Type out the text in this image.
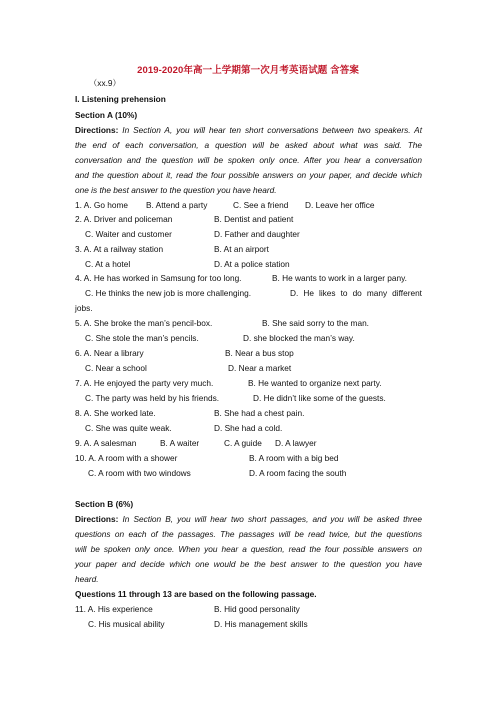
2019-2020年高一上学期第一次月考英语试题 含答案
（xx.9）
I. Listening prehension
Section A (10%)
Directions: In Section A, you will hear ten short conversations between two speakers. At
the end of each conversation, a question will be asked about what was said. The
conversation and the question will be spoken only once. After you hear a conversation
and the question about it, read the four possible answers on your paper, and decide which
one is the best answer to the question you have heard.
1. A. Go home B. Attend a party	C. See a friend D. Leave her office
2. A. Driver and policeman	B. Dentist and patient
C. Waiter and customer	D. Father and daughter
3. A. At a railway station	B. At an airport
C. At a hotel	D. At a police station
4. A. He has worked in Samsung for too long.	B. He wants to work in a larger pany.
C. He thinks the new job is more challenging.	D. He likes to do many different
jobs.
5. A. She broke the man’s pencil-box.	B. She said sorry to the man.
C. She stole the man’s pencils.	D. she blocked the man’s way.
6. A. Near a library	B. Near a bus stop
C. Near a school	D. Near a market
7. A. He enjoyed the party very much.	B. He wanted to organize next party.
C. The party was held by his friends.	D. He didn’t like some of the guests.
8. A. She worked late.	B. She had a chest pain.
C. She was quite weak.	D. She had a cold.
9. A. A salesman	B. A waiter	C. A guide D. A lawyer
10. A. A room with a shower	B. A room with a big bed
C. A room with two windows	D. A room facing the south
Section B (6%)
Directions: In Section B, you will hear two short passages, and you will be asked three
questions on each of the passages. The passages will be read twice, but the questions
will be spoken only once. When you hear a question, read the four possible answers on
your paper and decide which one would be the best answer to the question you have
heard.
Questions 11 through 13 are based on the following passage.
11. A. His experience	B. Hid good personality
C. His musical ability	D. His management skills
